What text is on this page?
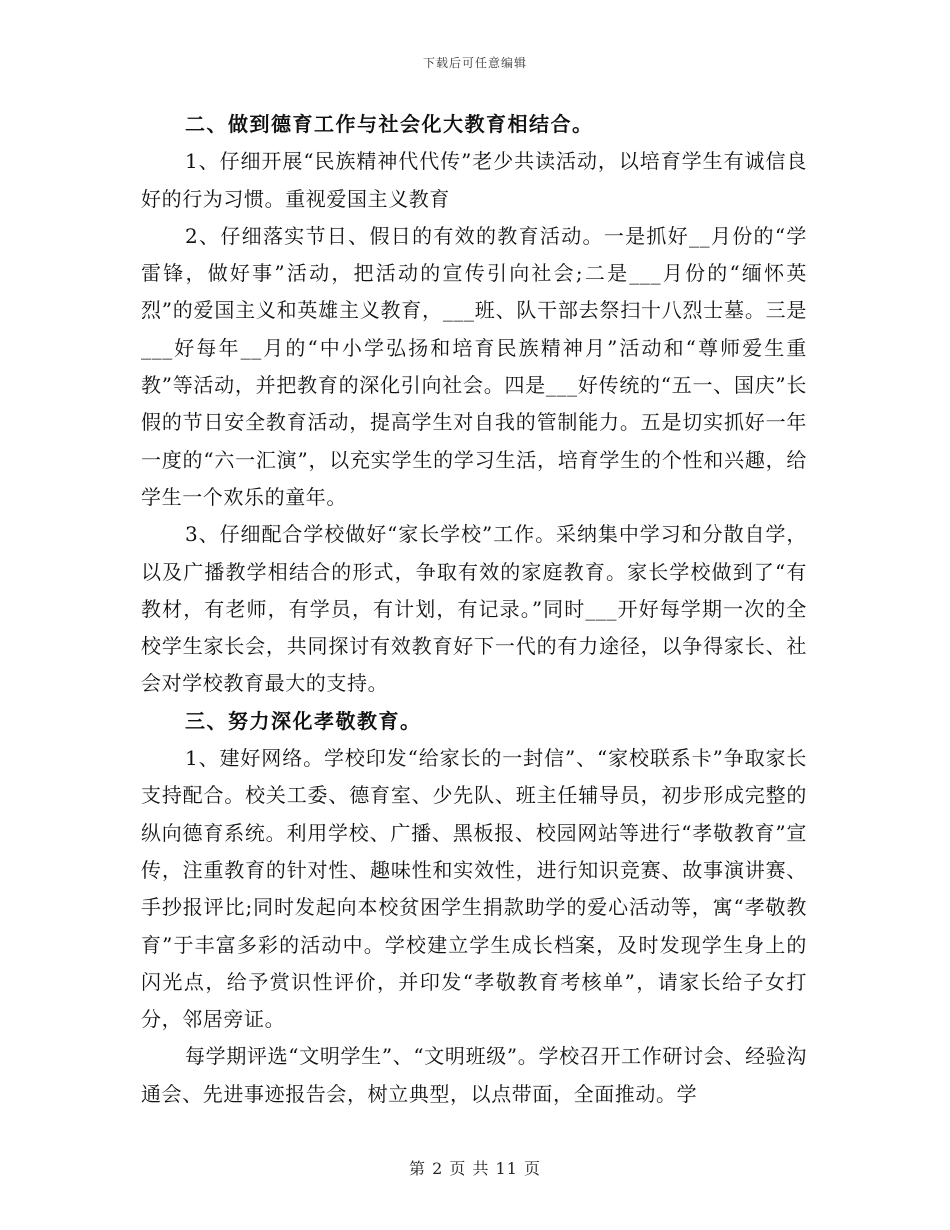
下载后可任意编辑

二、做到德育工作与社会化大教育相结合。

1、仔细开展“民族精神代代传”老少共读活动，以培育学生有诚信良好的行为习惯。重视爱国主义教育

2、仔细落实节日、假日的有效的教育活动。一是抓好__月份的“学雷锋，做好事”活动，把活动的宣传引向社会;二是___月份的“缅怀英烈”的爱国主义和英雄主义教育，___班、队干部去祭扫十八烈士墓。三是___好每年__月的“中小学弘扬和培育民族精神月”活动和“尊师爱生重教”等活动，并把教育的深化引向社会。四是___好传统的“五一、国庆”长假的节日安全教育活动，提高学生对自我的管制能力。五是切实抓好一年一度的“六一汇演”，以充实学生的学习生活，培育学生的个性和兴趣，给学生一个欢乐的童年。

3、仔细配合学校做好“家长学校”工作。采纳集中学习和分散自学，以及广播教学相结合的形式，争取有效的家庭教育。家长学校做到了“有教材，有老师，有学员，有计划，有记录。”同时___开好每学期一次的全校学生家长会，共同探讨有效教育好下一代的有力途径，以争得家长、社会对学校教育最大的支持。

三、努力深化孝敬教育。

1、建好网络。学校印发“给家长的一封信”、“家校联系卡”争取家长支持配合。校关工委、德育室、少先队、班主任辅导员，初步形成完整的纵向德育系统。利用学校、广播、黑板报、校园网站等进行“孝敬教育”宣传，注重教育的针对性、趣味性和实效性，进行知识竞赛、故事演讲赛、手抄报评比;同时发起向本校贫困学生捐款助学的爱心活动等，寓“孝敬教育”于丰富多彩的活动中。学校建立学生成长档案，及时发现学生身上的闪光点，给予赏识性评价，并印发“孝敬教育考核单”，请家长给子女打分，邻居旁证。

每学期评选“文明学生”、“文明班级”。学校召开工作研讨会、经验沟通会、先进事迹报告会，树立典型，以点带面，全面推动。学

第 2 页 共 11 页
